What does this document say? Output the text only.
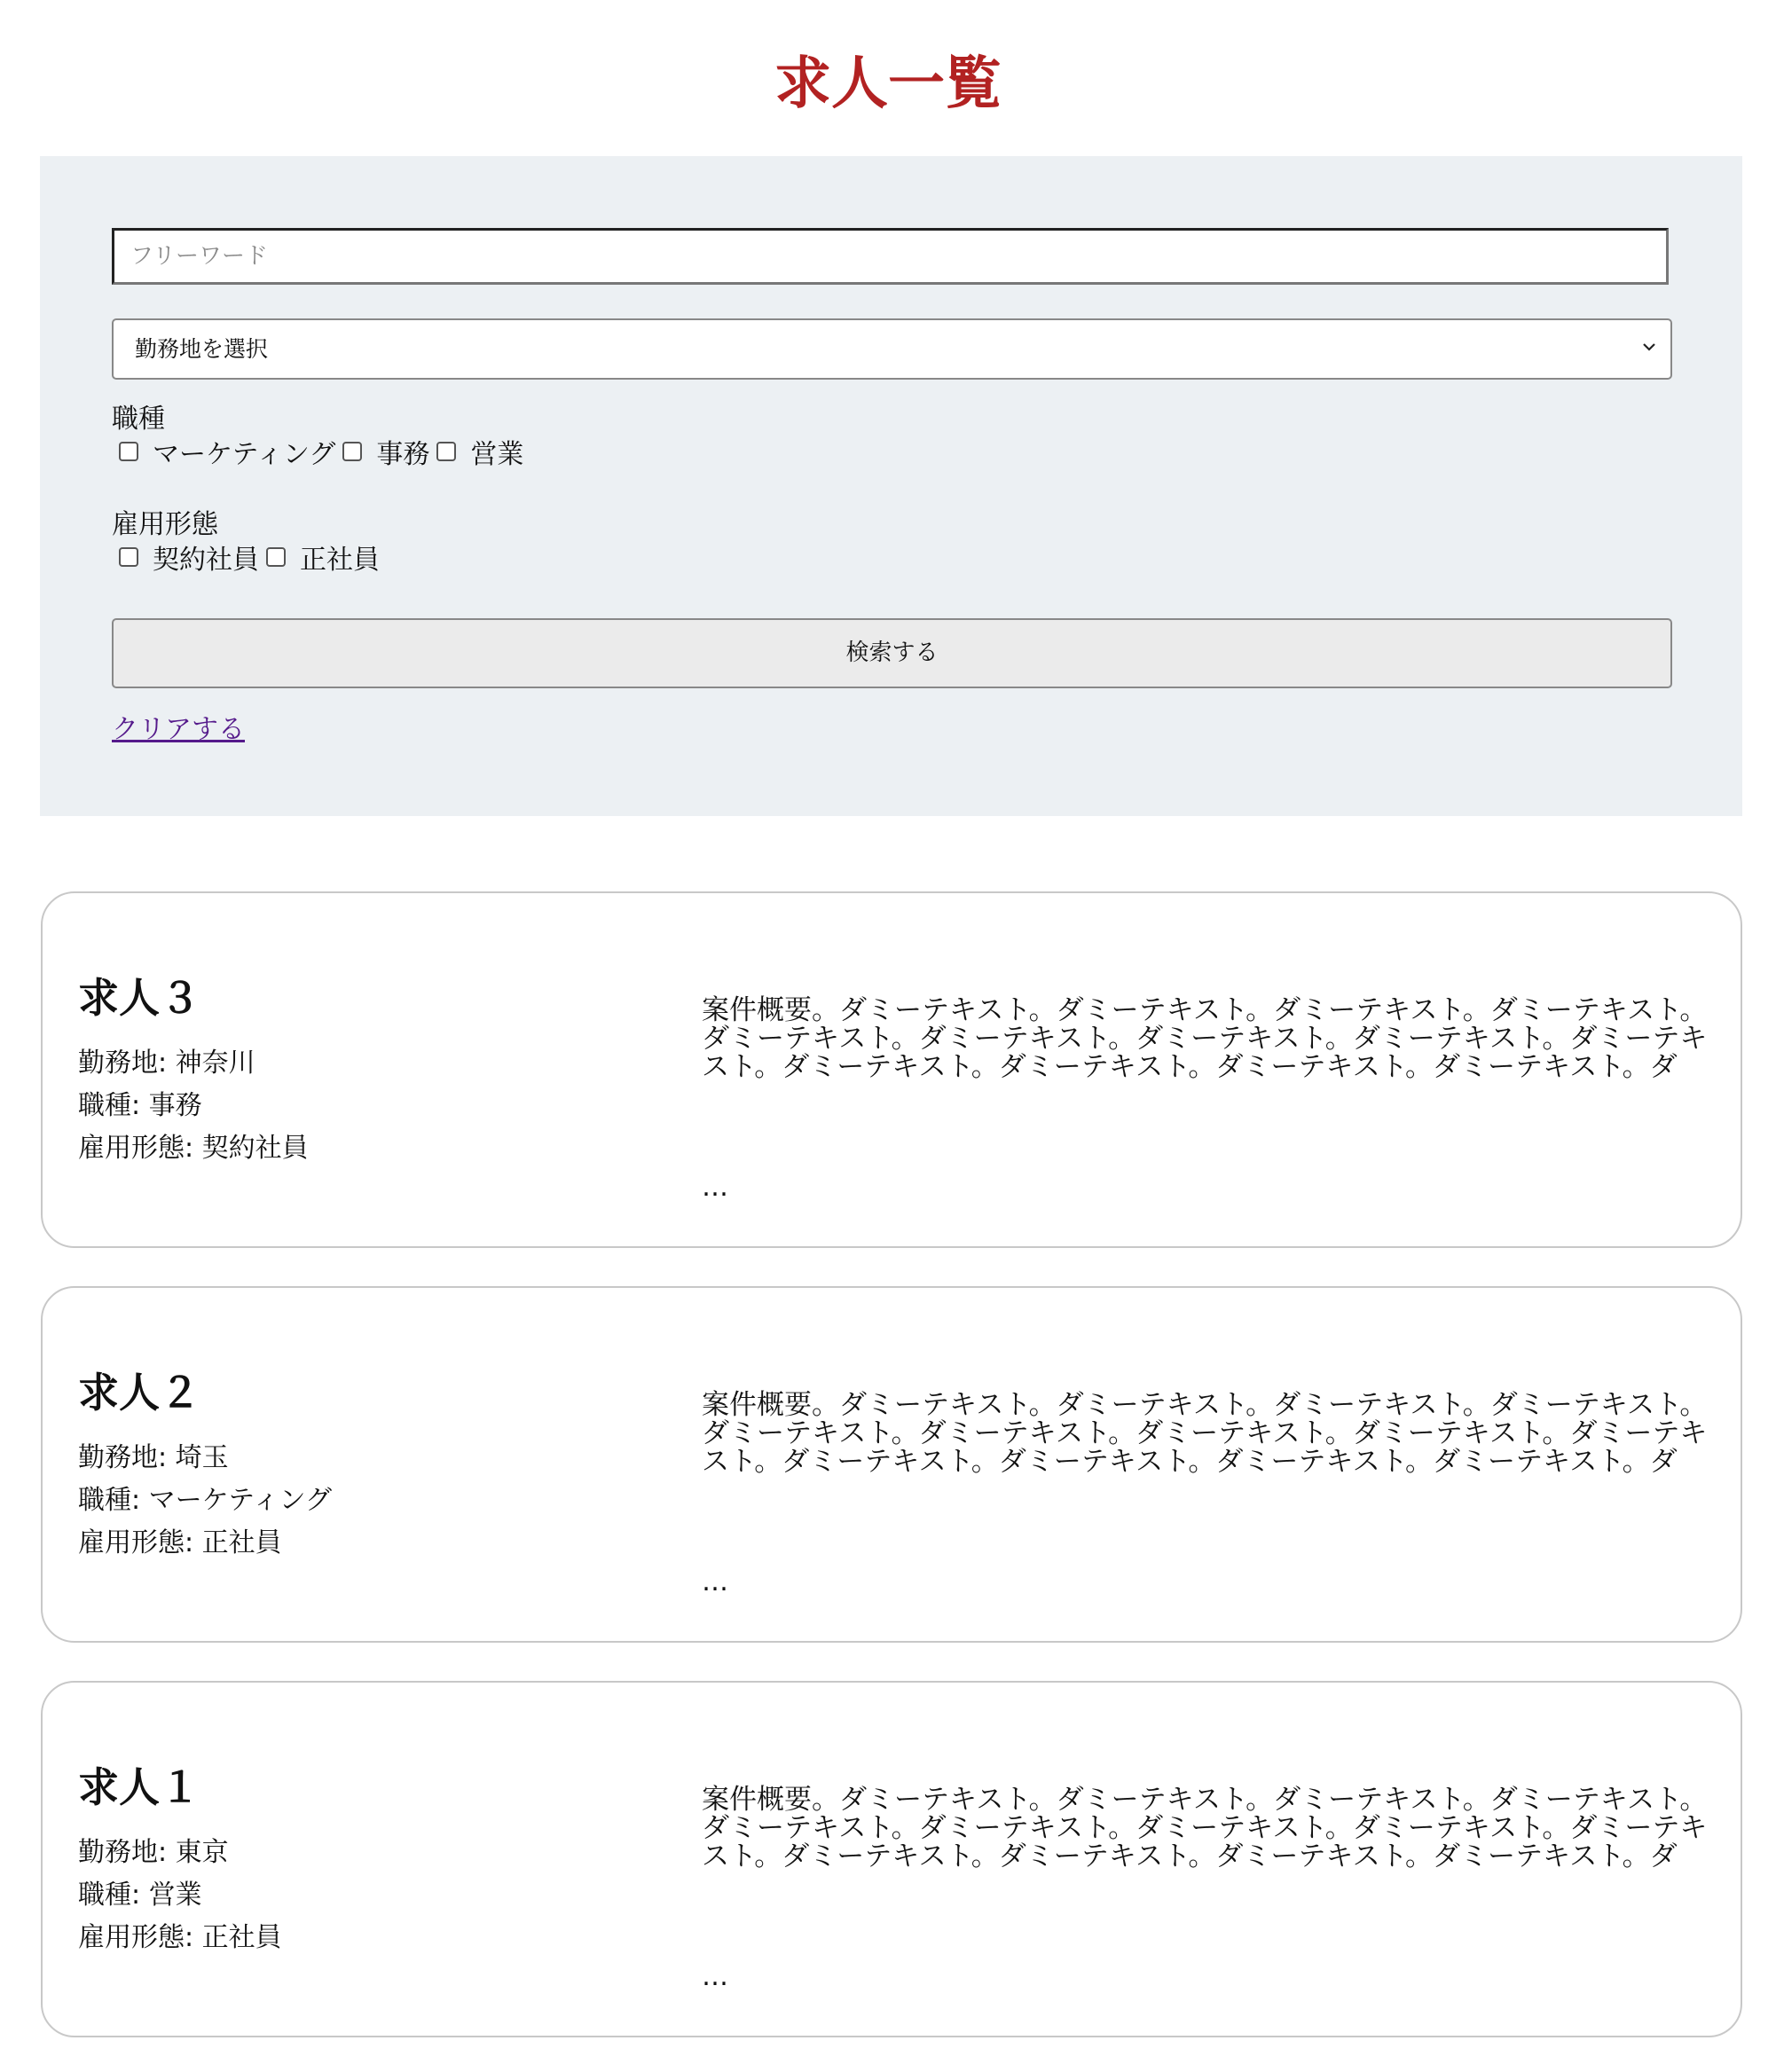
求人一覧
フリーワード
勤務地を選択
職種
マーケティング 事務 営業
雇用形態
契約社員 正社員
検索する
クリアする
求人３
勤務地: 神奈川
職種: 事務
雇用形態: 契約社員
案件概要。ダミーテキスト。ダミーテキスト。ダミーテキスト。ダミーテキスト。ダミーテキスト。ダミーテキスト。ダミーテキスト。ダミーテキスト。ダミーテキスト。ダミーテキスト。ダミーテキスト。ダミーテキスト。ダミーテキスト。ダ
…
求人２
勤務地: 埼玉
職種: マーケティング
雇用形態: 正社員
案件概要。ダミーテキスト。ダミーテキスト。ダミーテキスト。ダミーテキスト。ダミーテキスト。ダミーテキスト。ダミーテキスト。ダミーテキスト。ダミーテキスト。ダミーテキスト。ダミーテキスト。ダミーテキスト。ダミーテキスト。ダ
…
求人１
勤務地: 東京
職種: 営業
雇用形態: 正社員
案件概要。ダミーテキスト。ダミーテキスト。ダミーテキスト。ダミーテキスト。ダミーテキスト。ダミーテキスト。ダミーテキスト。ダミーテキスト。ダミーテキスト。ダミーテキスト。ダミーテキスト。ダミーテキスト。ダミーテキスト。ダ
…
